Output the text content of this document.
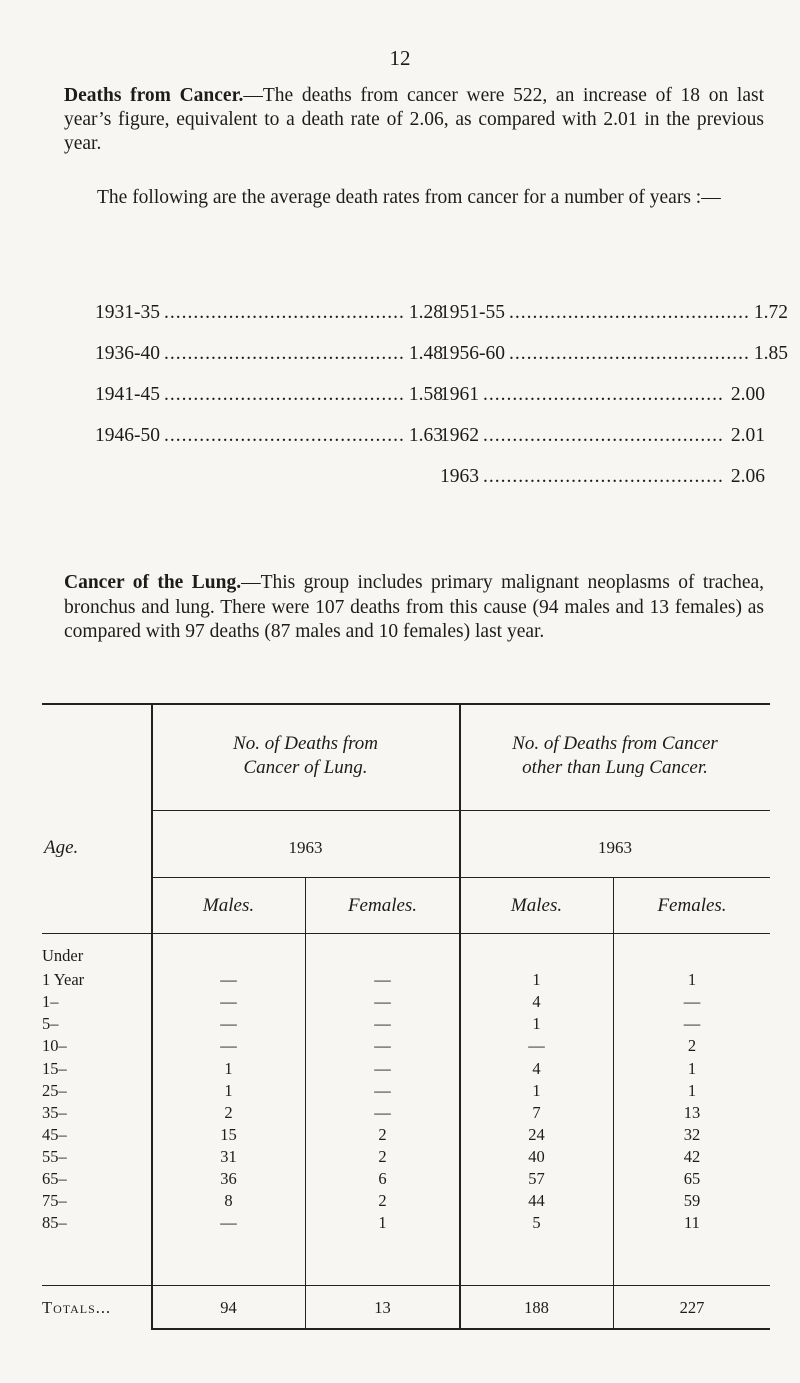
12

Deaths from Cancer.—The deaths from cancer were 522, an increase of 18 on last year’s figure, equivalent to a death rate of 2.06, as compared with 2.01 in the previous year.

The following are the average death rates from cancer for a number of years :—

1931-35 ......................................... 1.28
1936-40 ......................................... 1.48
1941-45 ......................................... 1.58
1946-50 ......................................... 1.63
1951-55 ......................................... 1.72
1956-60 ......................................... 1.85
1961 ......................................... 2.00
1962 ......................................... 2.01
1963 ......................................... 2.06

Cancer of the Lung.—This group includes primary malignant neoplasms of trachea, bronchus and lung. There were 107 deaths from this cause (94 males and 13 females) as compared with 97 deaths (87 males and 10 females) last year.

No. of Deaths from
Cancer of Lung.
No. of Deaths from Cancer
other than Lung Cancer.
Age.	1963	1963
Males.	Females.	Males.	Females.
Under
1 Year	—	—	1	1
1–	—	—	4	—
5–	—	—	1	—
10–	—	—	—	2
15–	1	—	4	1
25–	1	—	1	1
35–	2	—	7	13
45–	15	2	24	32
55–	31	2	40	42
65–	36	6	57	65
75–	8	2	44	59
85–	—	1	5	11
Totals...	94	13	188	227
